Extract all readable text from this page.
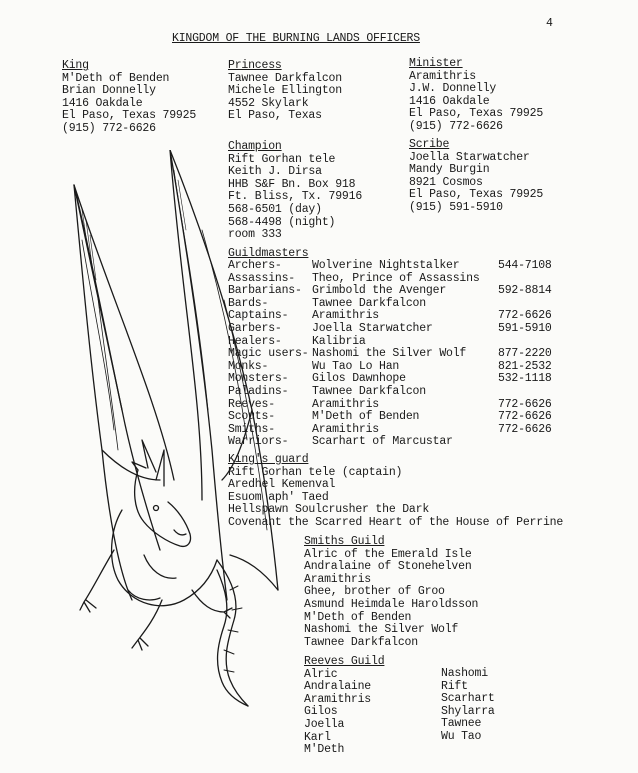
4
KINGDOM OF THE BURNING LANDS OFFICERS
King
M'Deth of Benden
Brian Donnelly
1416 Oakdale
El Paso, Texas 79925
(915) 772-6626
Princess
Tawnee Darkfalcon
Michele Ellington
4552 Skylark
El Paso, Texas
Minister
Aramithris
J.W. Donnelly
1416 Oakdale
El Paso, Texas 79925
(915) 772-6626
Champion
Rift Gorhan tele
Keith J. Dirsa
HHB S&F Bn. Box 918
Ft. Bliss, Tx. 79916
568-6501 (day)
568-4498 (night)
room 333
Scribe
Joella Starwatcher
Mandy Burgin
8921 Cosmos
El Paso, Texas 79925
(915) 591-5910
Guildmasters
Archers-	Wolverine Nightstalker	544-7108
Assassins- Theo, Prince of Assassins
Barbarians- Grimbold the Avenger	592-8814
Bards-	Tawnee Darkfalcon
Captains- Aramithris	772-6626
Garbers-	Joella Starwatcher	591-5910
Healers-	Kalibria
Magic users- Nashomi the Silver Wolf	877-2220
Monks-	Wu Tao Lo Han	821-2532
Monsters- Gilos Dawnhope	532-1118
Paladins- Tawnee Darkfalcon
Reeves-	Aramithris	772-6626
Scouts-	M'Deth of Benden	772-6626
Smiths-	Aramithris	772-6626
Warriors- Scarhart of Marcustar
King's guard
Rift Gorhan tele (captain)
Aredhel Kemenval
Esuom aph' Taed
Hellspawn Soulcrusher the Dark
Covenant the Scarred Heart of the House of Perrine
Smiths Guild
Alric of the Emerald Isle
Andralaine of Stonehelven
Aramithris
Ghee, brother of Groo
Asmund Heimdale Haroldsson
M'Deth of Benden
Nashomi the Silver Wolf
Tawnee Darkfalcon
Reeves Guild
Alric
Andralaine
Aramithris
Gilos
Joella
Karl
M'Deth
Nashomi
Rift
Scarhart
Shylarra
Tawnee
Wu Tao
